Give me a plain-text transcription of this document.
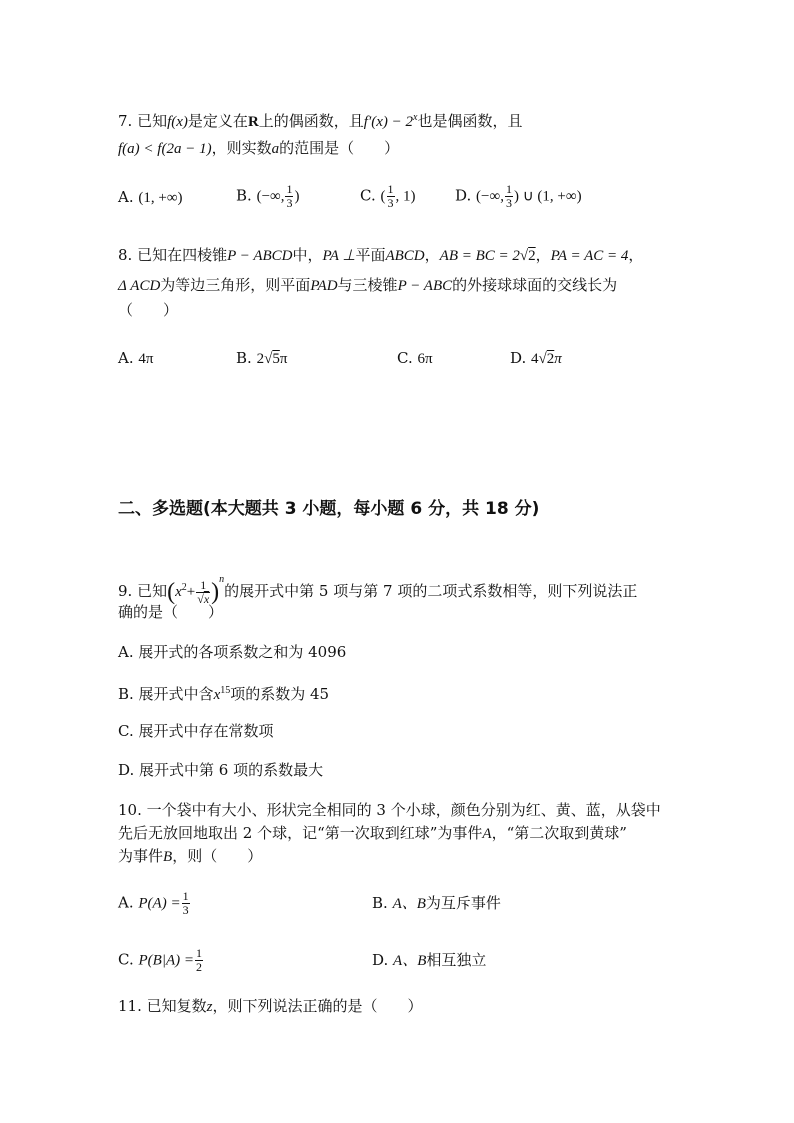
7. 已知f(x)是定义在R上的偶函数，且$f'(x) - 2^x$也是偶函数，且
f(a) < f(2a − 1)，则实数a的范围是（　　）
A. (1, +∞)	B. (−∞, $\frac{1}{3}$ )	C. ( $\frac{1}{3}$ , 1)	D. (−∞, $\frac{1}{3}$ ) ∪ (1, +∞)
8. 已知在四棱锥P − ABCD中，PA ⊥平面ABCD，AB = BC = 2√2，PA = AC = 4，
Δ ACD为等边三角形，则平面PAD与三棱锥P − ABC的外接球球面的交线长为
（　　）
A. 4π	B. 2√5π	C. 6π	D. 4√2π
二、多选题(本大题共 3 小题，每小题 6 分，共 18 分)
9. 已知$(x^2+ \frac{1}{√x} )^n$的展开式中第 5 项与第 7 项的二项式系数相等，则下列说法正
确的是（　　）
A. 展开式的各项系数之和为 4096
B. 展开式中含$x^{15}$项的系数为 45
C. 展开式中存在常数项
D. 展开式中第 6 项的系数最大
10. 一个袋中有大小、形状完全相同的 3 个小球，颜色分别为红、黄、蓝，从袋中
先后无放回地取出 2 个球，记“第一次取到红球”为事件A，“第二次取到黄球”
为事件B，则（　　）
A. $P(A) = \frac{1}{3}$	B. A、B为互斥事件
C. $P(B|A) = \frac{1}{2}$	D. A、B相互独立
11. 已知复数z，则下列说法正确的是（　　）
